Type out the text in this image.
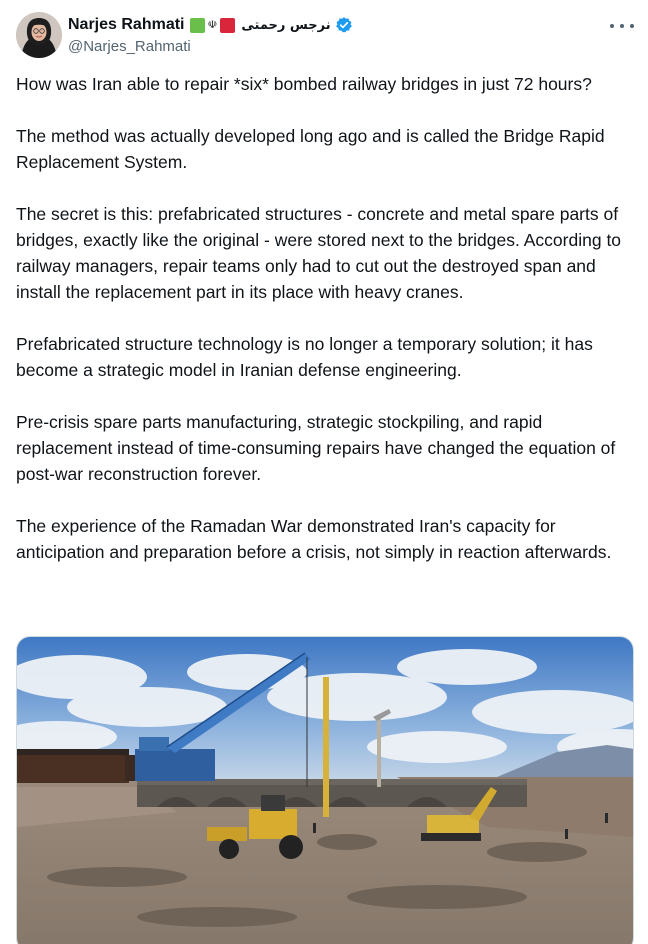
Narjes Rahmati ☫ نرجس رحمتی
@Narjes_Rahmati

How was Iran able to repair *six* bombed railway bridges in just 72 hours?

The method was actually developed long ago and is called the Bridge Rapid Replacement System.

The secret is this: prefabricated structures - concrete and metal spare parts of bridges, exactly like the original - were stored next to the bridges. According to railway managers, repair teams only had to cut out the destroyed span and install the replacement part in its place with heavy cranes.

Prefabricated structure technology is no longer a temporary solution; it has become a strategic model in Iranian defense engineering.

Pre-crisis spare parts manufacturing, strategic stockpiling, and rapid replacement instead of time-consuming repairs have changed the equation of post-war reconstruction forever.

The experience of the Ramadan War demonstrated Iran's capacity for anticipation and preparation before a crisis, not simply in reaction afterwards.
